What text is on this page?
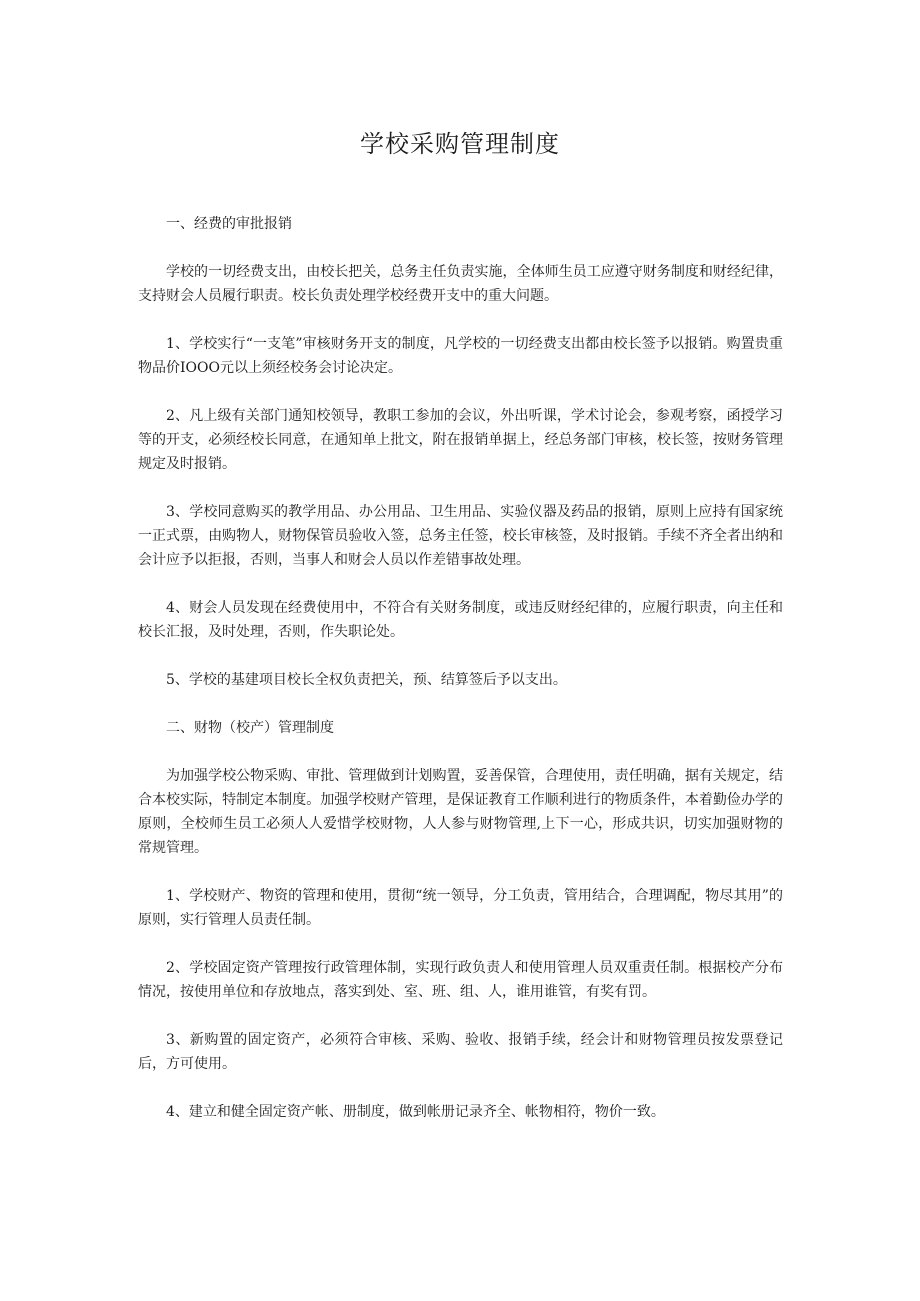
学校采购管理制度

一、经费的审批报销

学校的一切经费支出，由校长把关，总务主任负责实施，全体师生员工应遵守财务制度和财经纪律，支持财会人员履行职责。校长负责处理学校经费开支中的重大问题。

1、学校实行“一支笔”审核财务开支的制度，凡学校的一切经费支出都由校长签予以报销。购置贵重物品价IOOO元以上须经校务会讨论决定。

2、凡上级有关部门通知校领导，教职工参加的会议，外出听课，学术讨论会，参观考察，函授学习等的开支，必须经校长同意，在通知单上批文，附在报销单据上，经总务部门审核，校长签，按财务管理规定及时报销。

3、学校同意购买的教学用品、办公用品、卫生用品、实验仪器及药品的报销，原则上应持有国家统一正式票，由购物人，财物保管员验收入签，总务主任签，校长审核签，及时报销。手续不齐全者出纳和会计应予以拒报，否则，当事人和财会人员以作差错事故处理。

4、财会人员发现在经费使用中，不符合有关财务制度，或违反财经纪律的，应履行职责，向主任和校长汇报，及时处理，否则，作失职论处。

5、学校的基建项目校长全权负责把关，预、结算签后予以支出。

二、财物（校产）管理制度

为加强学校公物采购、审批、管理做到计划购置，妥善保管，合理使用，责任明确，据有关规定，结合本校实际，特制定本制度。加强学校财产管理，是保证教育工作顺利进行的物质条件，本着勤俭办学的原则，全校师生员工必须人人爱惜学校财物，人人参与财物管理,上下一心，形成共识，切实加强财物的常规管理。

1、学校财产、物资的管理和使用，贯彻“统一领导，分工负责，管用结合，合理调配，物尽其用”的原则，实行管理人员责任制。

2、学校固定资产管理按行政管理体制，实现行政负责人和使用管理人员双重责任制。根据校产分布情况，按使用单位和存放地点，落实到处、室、班、组、人，谁用谁管，有奖有罚。

3、新购置的固定资产，必须符合审核、采购、验收、报销手续，经会计和财物管理员按发票登记后，方可使用。

4、建立和健全固定资产帐、册制度，做到帐册记录齐全、帐物相符，物价一致。
